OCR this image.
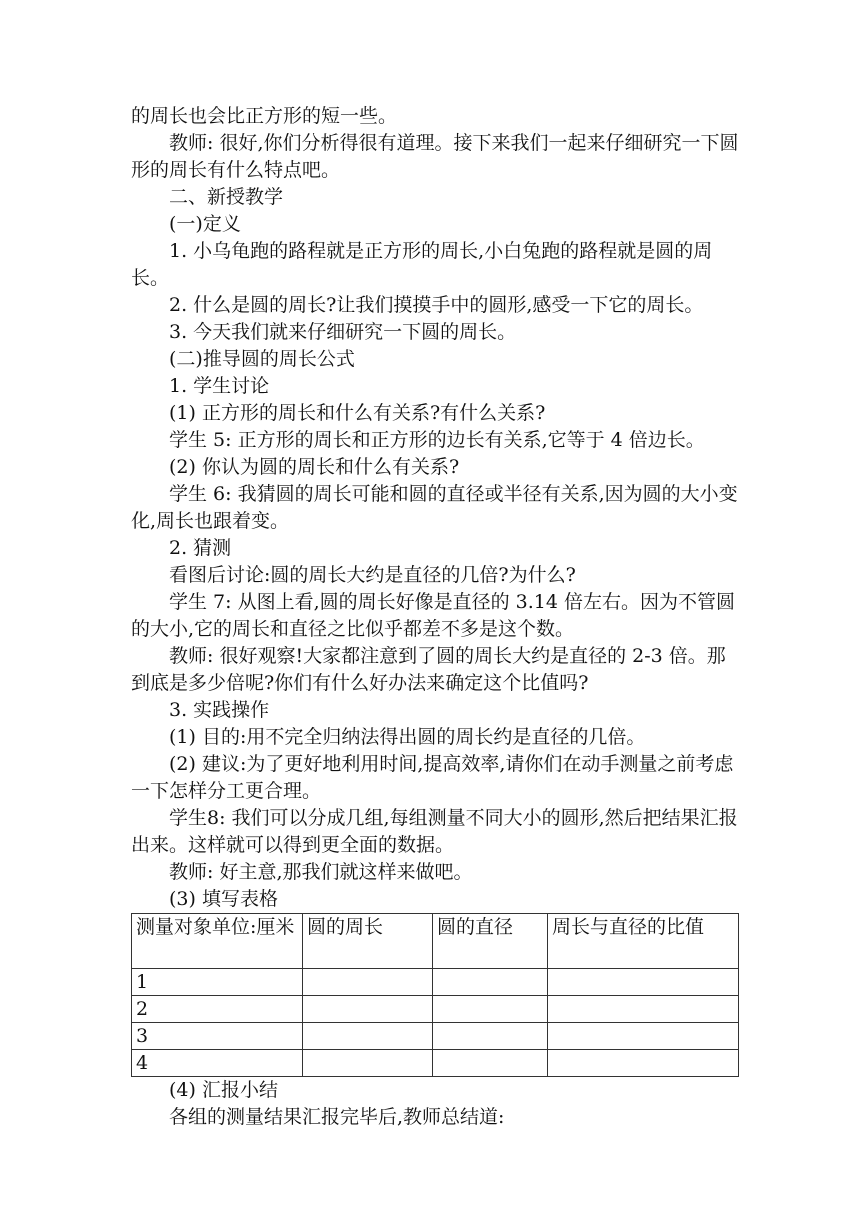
的周长也会比正方形的短一些。

教师: 很好,你们分析得很有道理。接下来我们一起来仔细研究一下圆形的周长有什么特点吧。

二、新授教学

(一)定义

1. 小乌龟跑的路程就是正方形的周长,小白兔跑的路程就是圆的周长。

2. 什么是圆的周长?让我们摸摸手中的圆形,感受一下它的周长。

3. 今天我们就来仔细研究一下圆的周长。

(二)推导圆的周长公式

1. 学生讨论

(1) 正方形的周长和什么有关系?有什么关系?

学生 5: 正方形的周长和正方形的边长有关系,它等于 4 倍边长。

(2) 你认为圆的周长和什么有关系?

学生 6: 我猜圆的周长可能和圆的直径或半径有关系,因为圆的大小变化,周长也跟着变。

2. 猜测

看图后讨论:圆的周长大约是直径的几倍?为什么?

学生 7: 从图上看,圆的周长好像是直径的 3.14 倍左右。因为不管圆的大小,它的周长和直径之比似乎都差不多是这个数。

教师: 很好观察!大家都注意到了圆的周长大约是直径的 2-3 倍。那到底是多少倍呢?你们有什么好办法来确定这个比值吗?

3. 实践操作

(1) 目的:用不完全归纳法得出圆的周长约是直径的几倍。

(2) 建议:为了更好地利用时间,提高效率,请你们在动手测量之前考虑一下怎样分工更合理。

学生8: 我们可以分成几组,每组测量不同大小的圆形,然后把结果汇报出来。这样就可以得到更全面的数据。

教师: 好主意,那我们就这样来做吧。

(3) 填写表格

测量对象单位:厘米	圆的周长	圆的直径	周长与直径的比值
1			
2			
3			
4			

(4) 汇报小结

各组的测量结果汇报完毕后,教师总结道:
